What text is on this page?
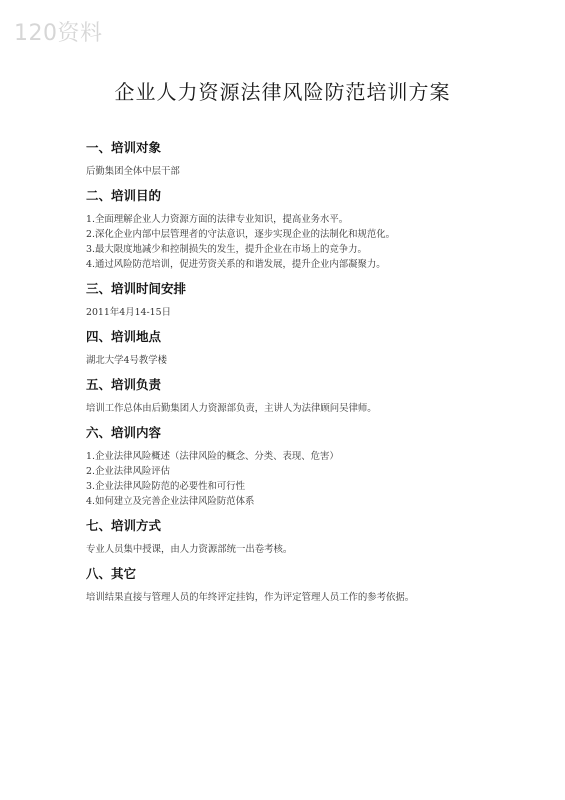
120资料
企业人力资源法律风险防范培训方案
一、培训对象
后勤集团全体中层干部
二、培训目的
1.全面理解企业人力资源方面的法律专业知识，提高业务水平。
2.深化企业内部中层管理者的守法意识，逐步实现企业的法制化和规范化。
3.最大限度地减少和控制损失的发生，提升企业在市场上的竞争力。
4.通过风险防范培训，促进劳资关系的和谐发展，提升企业内部凝聚力。
三、培训时间安排
2011年4月14-15日
四、培训地点
湖北大学4号教学楼
五、培训负责
培训工作总体由后勤集团人力资源部负责，主讲人为法律顾问吴律师。
六、培训内容
1.企业法律风险概述（法律风险的概念、分类、表现、危害）
2.企业法律风险评估
3.企业法律风险防范的必要性和可行性
4.如何建立及完善企业法律风险防范体系
七、培训方式
专业人员集中授课，由人力资源部统一出卷考核。
八、其它
培训结果直接与管理人员的年终评定挂钩，作为评定管理人员工作的参考依据。
